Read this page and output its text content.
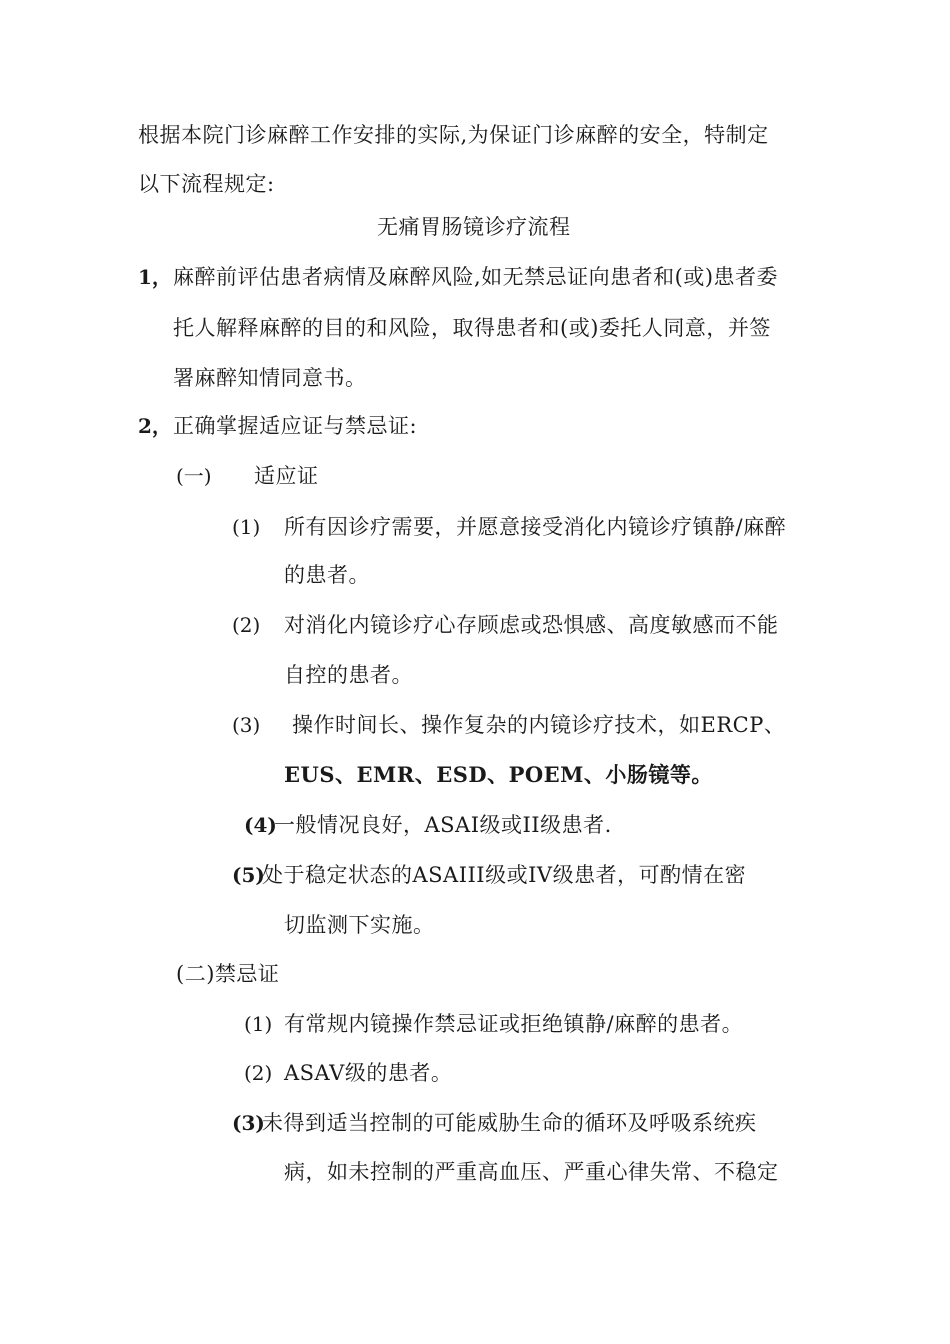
根据本院门诊麻醉工作安排的实际,为保证门诊麻醉的安全，特制定
以下流程规定:
无痛胃肠镜诊疗流程
1， 麻醉前评估患者病情及麻醉风险,如无禁忌证向患者和(或)患者委
托人解释麻醉的目的和风险，取得患者和(或)委托人同意，并签
署麻醉知情同意书。
2， 正确掌握适应证与禁忌证:
(一) 适应证
(1) 所有因诊疗需要，并愿意接受消化内镜诊疗镇静/麻醉
的患者。
(2) 对消化内镜诊疗心存顾虑或恐惧感、高度敏感而不能
自控的患者。
(3) 操作时间长、操作复杂的内镜诊疗技术，如ERCP、
EUS、EMR、ESD、POEM、小肠镜等。
(4)
一般情况良好，ASAI级或II级患者.
(5)
处于稳定状态的ASAIII级或IV级患者，可酌情在密
切监测下实施。
(二)禁忌证
(1) 有常规内镜操作禁忌证或拒绝镇静/麻醉的患者。
(2) ASAV级的患者。
(3)
未得到适当控制的可能威胁生命的循环及呼吸系统疾
病，如未控制的严重高血压、严重心律失常、不稳定
